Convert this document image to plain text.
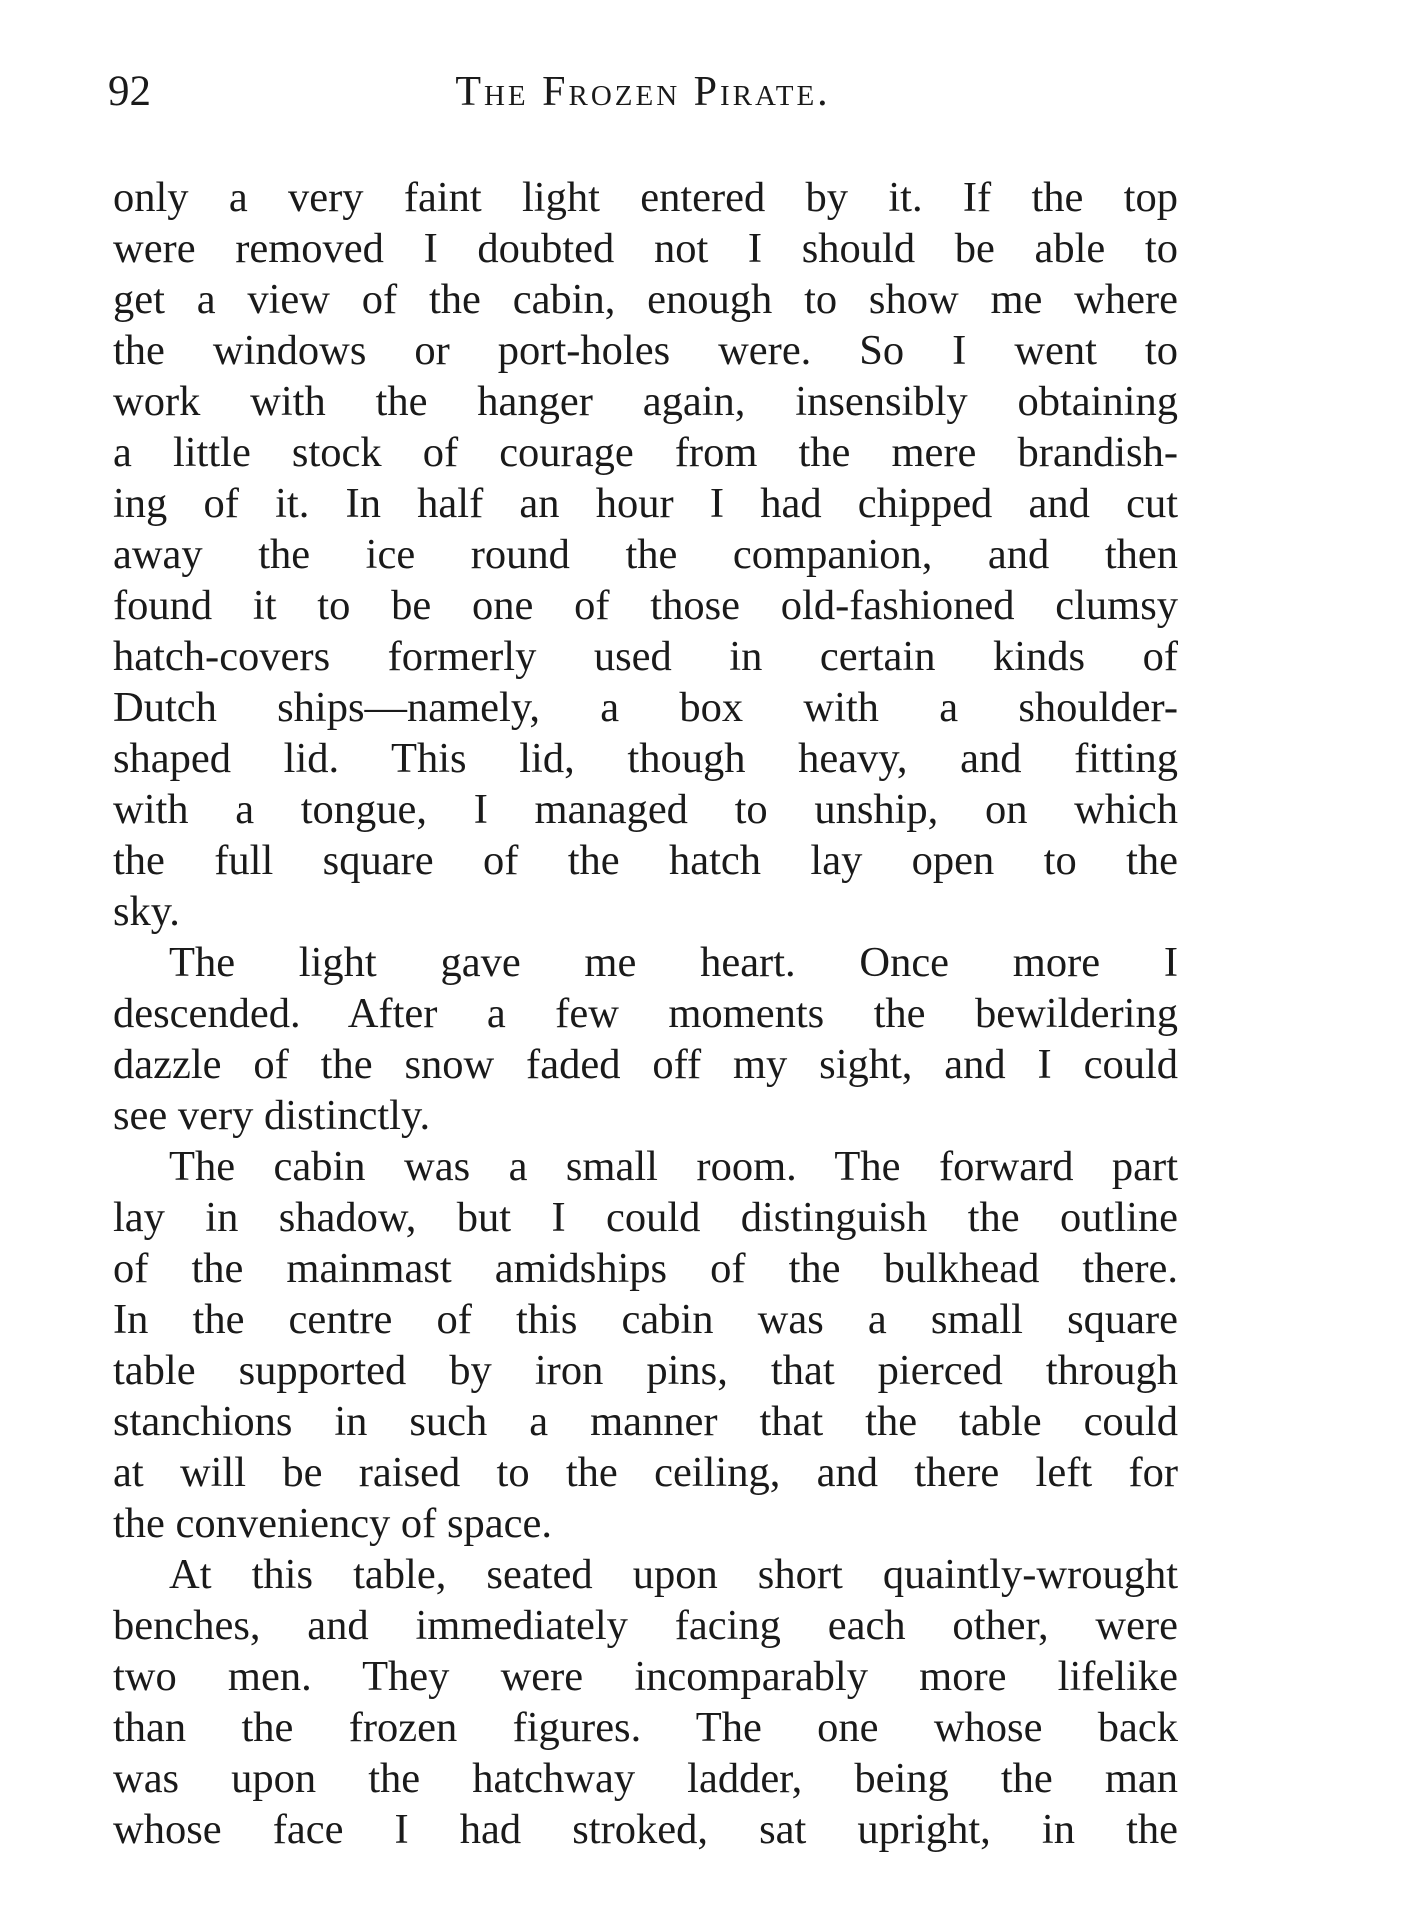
92	The Frozen Pirate.
only a very faint light entered by it. If the top
were removed I doubted not I should be able to
get a view of the cabin, enough to show me where
the windows or port-holes were. So I went to
work with the hanger again, insensibly obtaining
a little stock of courage from the mere brandish-
ing of it. In half an hour I had chipped and cut
away the ice round the companion, and then
found it to be one of those old-fashioned clumsy
hatch-covers formerly used in certain kinds of
Dutch ships—namely, a box with a shoulder-
shaped lid. This lid, though heavy, and fitting
with a tongue, I managed to unship, on which
the full square of the hatch lay open to the
sky.
The light gave me heart. Once more I
descended. After a few moments the bewildering
dazzle of the snow faded off my sight, and I could
see very distinctly.
The cabin was a small room. The forward part
lay in shadow, but I could distinguish the outline
of the mainmast amidships of the bulkhead there.
In the centre of this cabin was a small square
table supported by iron pins, that pierced through
stanchions in such a manner that the table could
at will be raised to the ceiling, and there left for
the conveniency of space.
At this table, seated upon short quaintly-wrought
benches, and immediately facing each other, were
two men. They were incomparably more lifelike
than the frozen figures. The one whose back
was upon the hatchway ladder, being the man
whose face I had stroked, sat upright, in the
